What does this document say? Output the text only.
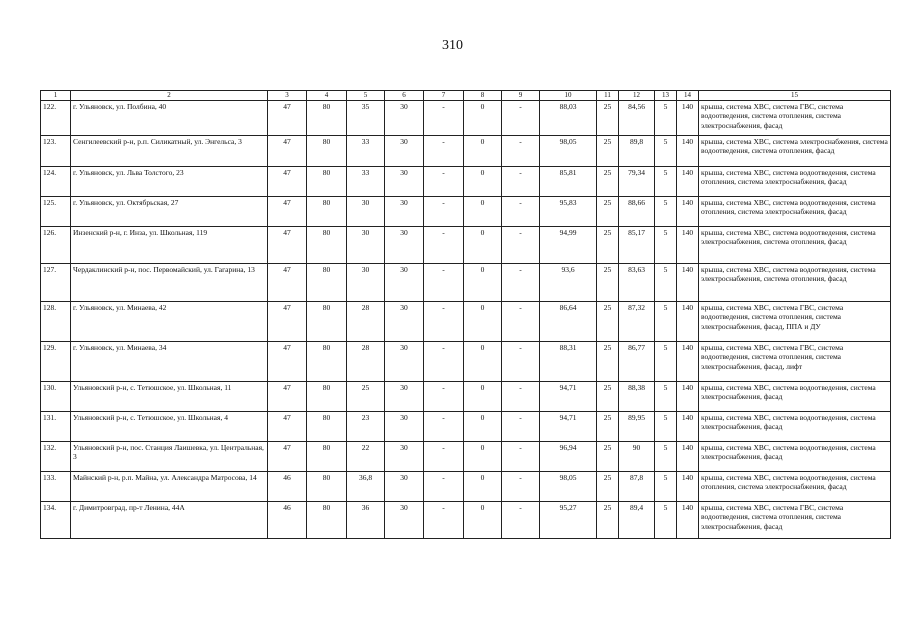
310
1	2	3	4	5	6	7	8	9	10	11	12	13	14	15
122.	г. Ульяновск, ул. Полбина, 40	47	80	35	30	-	0	-	88,03	25	84,56	5	140	крыша, система ХВС, система ГВС, система водоотведения, система отопления, система электроснабжения, фасад
123.	Сенгилеевский р-н, р.п. Силикатный, ул. Энгельса, 3	47	80	33	30	-	0	-	98,05	25	89,8	5	140	крыша, система ХВС, система электроснабжения, система водоотведения, система отопления, фасад
124.	г. Ульяновск, ул. Льва Толстого, 23	47	80	33	30	-	0	-	85,81	25	79,34	5	140	крыша, система ХВС, система водоотведения, система отопления, система электроснабжения, фасад
125.	г. Ульяновск, ул. Октябрьская, 27	47	80	30	30	-	0	-	95,83	25	88,66	5	140	крыша, система ХВС, система водоотведения, система отопления, система электроснабжения, фасад
126.	Инзенский р-н, г. Инза, ул. Школьная, 119	47	80	30	30	-	0	-	94,99	25	85,17	5	140	крыша, система ХВС, система водоотведения, система электроснабжения, система отопления, фасад
127.	Чердаклинский р-н, пос. Первомайский, ул. Гагарина, 13	47	80	30	30	-	0	-	93,6	25	83,63	5	140	крыша, система ХВС, система водоотведения, система электроснабжения, система отопления, фасад
128.	г. Ульяновск, ул. Минаева, 42	47	80	28	30	-	0	-	86,64	25	87,32	5	140	крыша, система ХВС, система ГВС, система водоотведения, система отопления, система электроснабжения, фасад, ППА и ДУ
129.	г. Ульяновск, ул. Минаева, 34	47	80	28	30	-	0	-	88,31	25	86,77	5	140	крыша, система ХВС, система ГВС, система водоотведения, система отопления, система электроснабжения, фасад, лифт
130.	Ульяновский р-н, с. Тетюшское, ул. Школьная, 11	47	80	25	30	-	0	-	94,71	25	88,38	5	140	крыша, система ХВС, система водоотведения, система электроснабжения, фасад
131.	Ульяновский р-н, с. Тетюшское, ул. Школьная, 4	47	80	23	30	-	0	-	94,71	25	89,95	5	140	крыша, система ХВС, система водоотведения, система электроснабжения, фасад
132.	Ульяновский р-н, пос. Станция Лаишевка, ул. Центральная, 3	47	80	22	30	-	0	-	96,94	25	90	5	140	крыша, система ХВС, система водоотведения, система электроснабжения, фасад
133.	Майнский р-н, р.п. Майна, ул. Александра Матросова, 14	46	80	36,8	30	-	0	-	98,05	25	87,8	5	140	крыша, система ХВС, система водоотведения, система отопления, система электроснабжения, фасад
134.	г. Димитровград, пр-т Ленина, 44А	46	80	36	30	-	0	-	95,27	25	89,4	5	140	крыша, система ХВС, система ГВС, система водоотведения, система отопления, система электроснабжения, фасад
